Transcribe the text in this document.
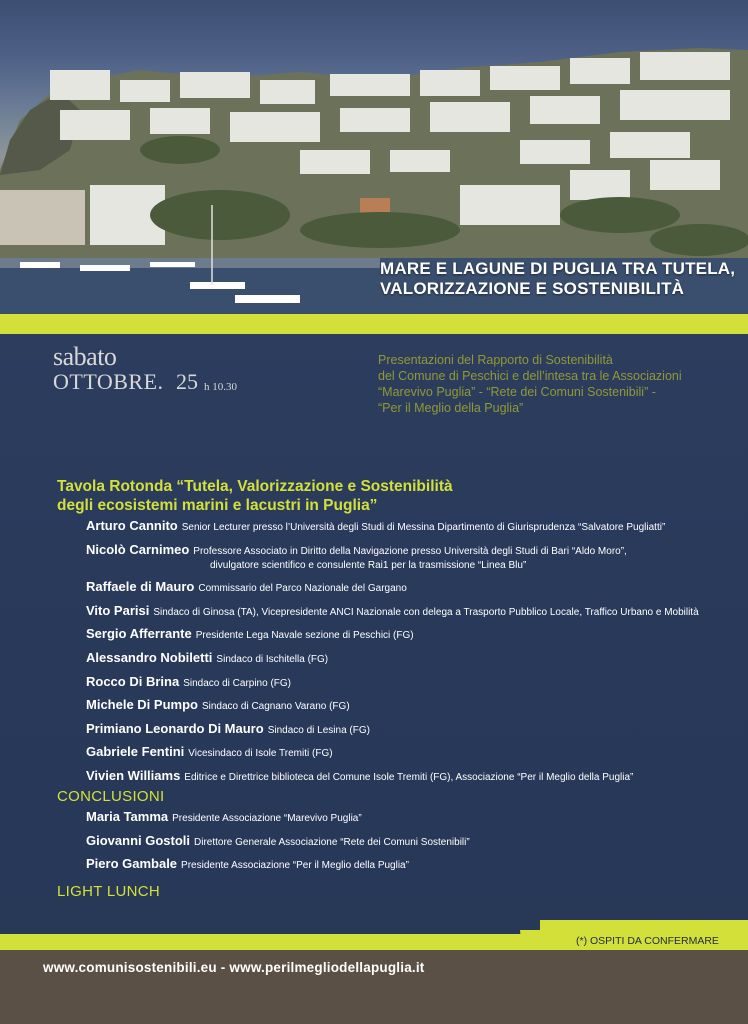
MARE E LAGUNE DI PUGLIA TRA TUTELA,
VALORIZZAZIONE E SOSTENIBILITÀ
sabato
OTTOBRE. 25 h 10.30
Presentazioni del Rapporto di Sostenibilità
del Comune di Peschici e dell’intesa tra le Associazioni
“Marevivo Puglia” - “Rete dei Comuni Sostenibili” -
“Per il Meglio della Puglia”
Tavola Rotonda “Tutela, Valorizzazione e Sostenibilità
degli ecosistemi marini e lacustri in Puglia”
Arturo Cannito Senior Lecturer presso l’Università degli Studi di Messina Dipartimento di Giurisprudenza “Salvatore Pugliatti”
Nicolò Carnimeo Professore Associato in Diritto della Navigazione presso Università degli Studi di Bari “Aldo Moro”,
divulgatore scientifico e consulente Rai1 per la trasmissione “Linea Blu”
Raffaele di Mauro Commissario del Parco Nazionale del Gargano
Vito Parisi Sindaco di Ginosa (TA), Vicepresidente ANCI Nazionale con delega a Trasporto Pubblico Locale, Traffico Urbano e Mobilità
Sergio Afferrante Presidente Lega Navale sezione di Peschici (FG)
Alessandro Nobiletti Sindaco di Ischitella (FG)
Rocco Di Brina Sindaco di Carpino (FG)
Michele Di Pumpo Sindaco di Cagnano Varano (FG)
Primiano Leonardo Di Mauro Sindaco di Lesina (FG)
Gabriele Fentini Vicesindaco di Isole Tremiti (FG)
Vivien Williams Editrice e Direttrice biblioteca del Comune Isole Tremiti (FG), Associazione “Per il Meglio della Puglia”
CONCLUSIONI
Maria Tamma Presidente Associazione “Marevivo Puglia”
Giovanni Gostoli Direttore Generale Associazione “Rete dei Comuni Sostenibili”
Piero Gambale Presidente Associazione “Per il Meglio della Puglia”
LIGHT LUNCH
(*) OSPITI DA CONFERMARE
www.comunisostenibili.eu - www.perilmegliodellapuglia.it
